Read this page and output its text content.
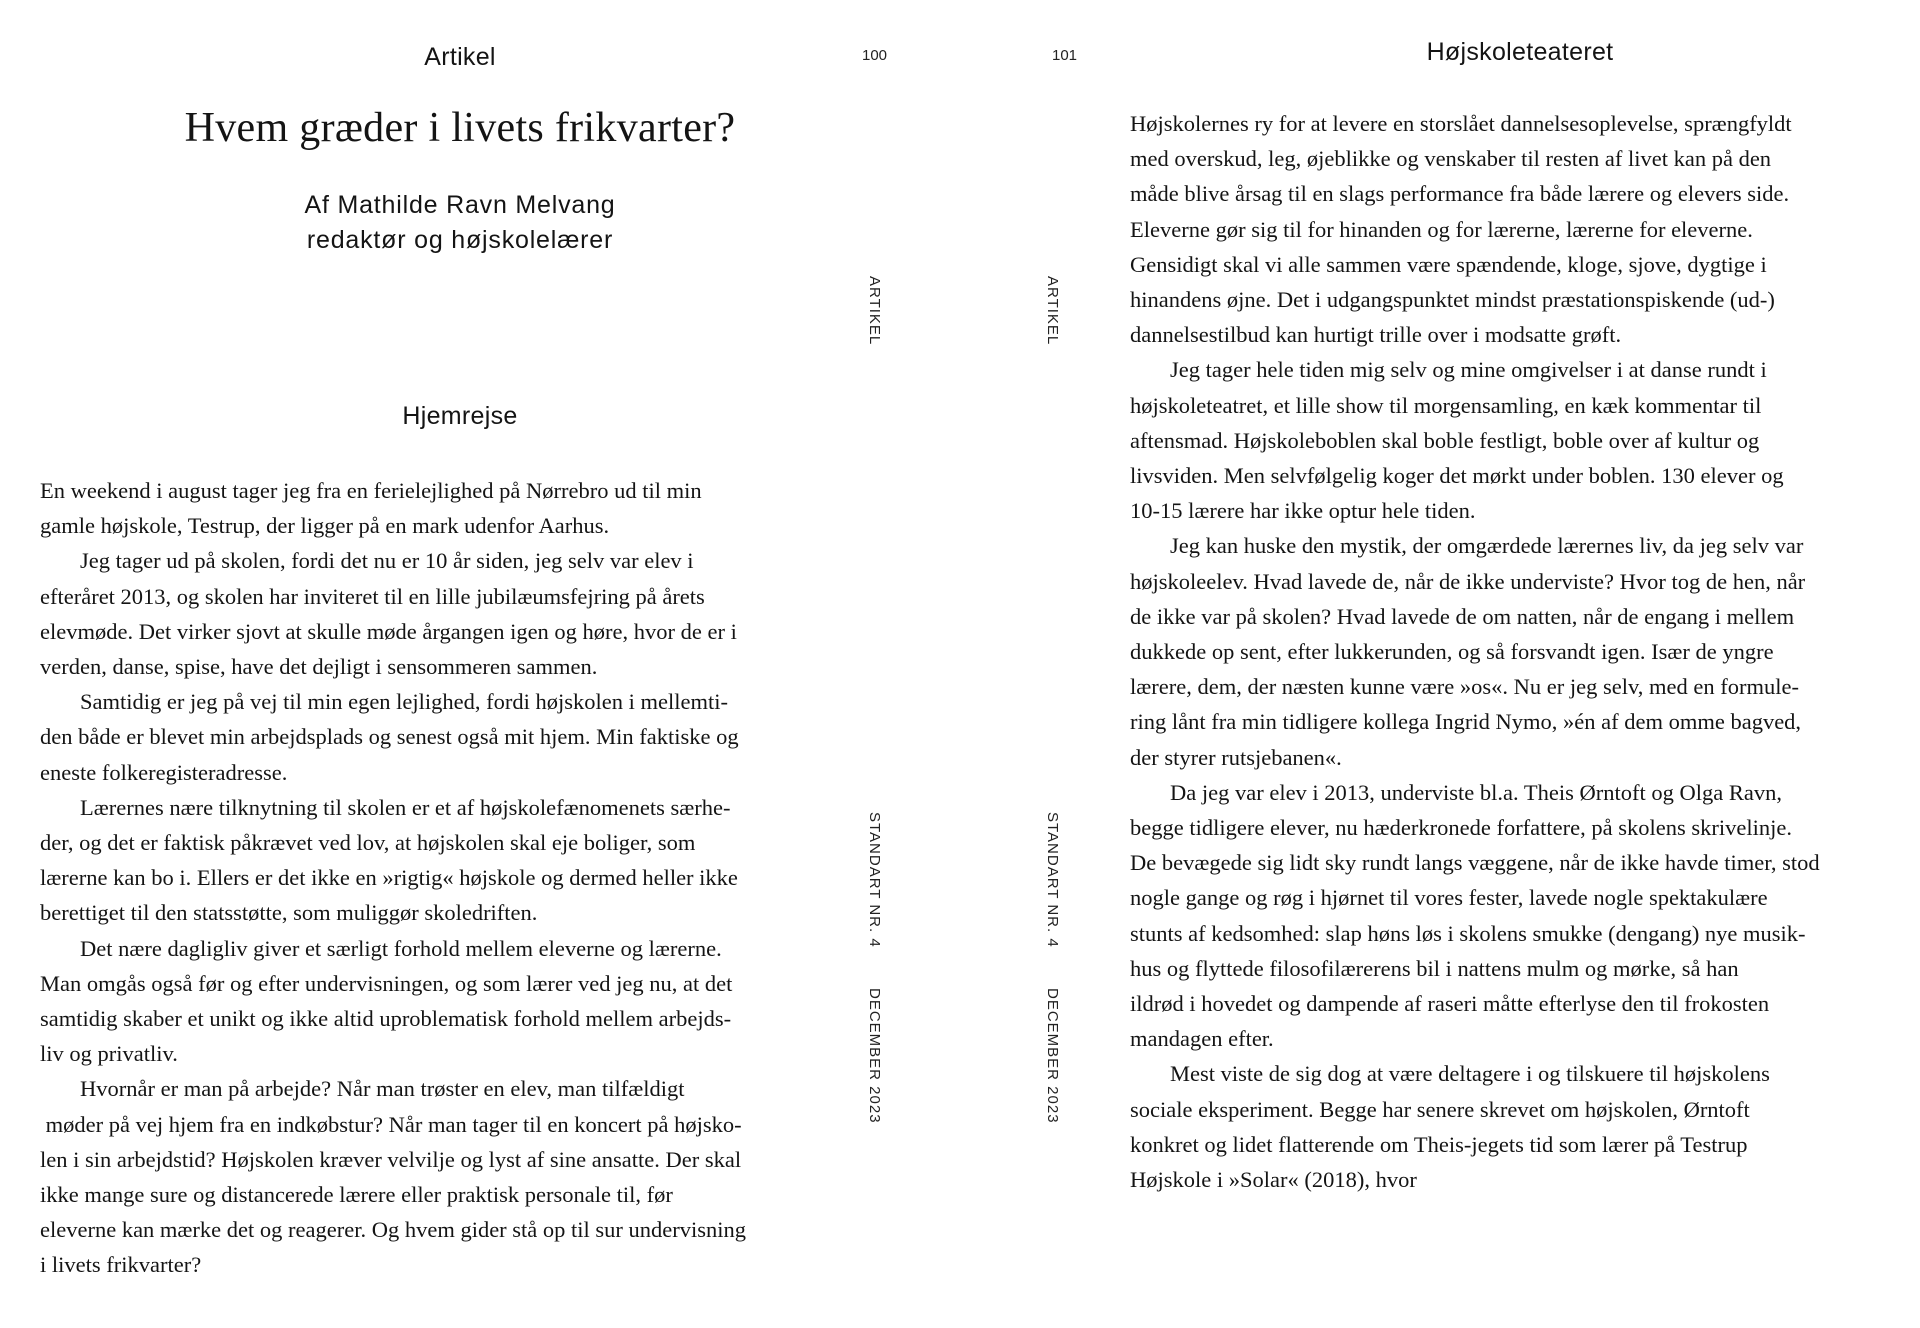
Artikel	100
Hvem græder i livets frikvarter?
Af Mathilde Ravn Melvang
redaktør og højskolelærer
Hjemrejse
En weekend i august tager jeg fra en ferielejlighed på Nørrebro ud til min
gamle højskole, Testrup, der ligger på en mark udenfor Aarhus.
Jeg tager ud på skolen, fordi det nu er 10 år siden, jeg selv var elev i
efteråret 2013, og skolen har inviteret til en lille jubilæumsfejring på årets
elevmøde. Det virker sjovt at skulle møde årgangen igen og høre, hvor de er i
verden, danse, spise, have det dejligt i sensommeren sammen.
Samtidig er jeg på vej til min egen lejlighed, fordi højskolen i mellemti-
den både er blevet min arbejdsplads og senest også mit hjem. Min faktiske og
eneste folkeregisteradresse.
Lærernes nære tilknytning til skolen er et af højskolefænomenets særhe-
der, og det er faktisk påkrævet ved lov, at højskolen skal eje boliger, som
lærerne kan bo i. Ellers er det ikke en »rigtig« højskole og dermed heller ikke
berettiget til den statsstøtte, som muliggør skoledriften.
Det nære dagligliv giver et særligt forhold mellem eleverne og lærerne.
Man omgås også før og efter undervisningen, og som lærer ved jeg nu, at det
samtidig skaber et unikt og ikke altid uproblematisk forhold mellem arbejds-
liv og privatliv.
Hvornår er man på arbejde? Når man trøster en elev, man tilfældigt
møder på vej hjem fra en indkøbstur? Når man tager til en koncert på højsko-
len i sin arbejdstid? Højskolen kræver velvilje og lyst af sine ansatte. Der skal
ikke mange sure og distancerede lærere eller praktisk personale til, før
eleverne kan mærke det og reagerer. Og hvem gider stå op til sur undervisning
i livets frikvarter?
ARTIKEL
STANDART NR. 4
DECEMBER 2023
101	Højskoleteateret
ARTIKEL
STANDART NR. 4
DECEMBER 2023
Højskolernes ry for at levere en storslået dannelsesoplevelse, sprængfyldt
med overskud, leg, øjeblikke og venskaber til resten af livet kan på den
måde blive årsag til en slags performance fra både lærere og elevers side.
Eleverne gør sig til for hinanden og for lærerne, lærerne for eleverne.
Gensidigt skal vi alle sammen være spændende, kloge, sjove, dygtige i
hinandens øjne. Det i udgangspunktet mindst præstationspiskende (ud-)
dannelsestilbud kan hurtigt trille over i modsatte grøft.
Jeg tager hele tiden mig selv og mine omgivelser i at danse rundt i
højskoleteatret, et lille show til morgensamling, en kæk kommentar til
aftensmad. Højskoleboblen skal boble festligt, boble over af kultur og
livsviden. Men selvfølgelig koger det mørkt under boblen. 130 elever og
10-15 lærere har ikke optur hele tiden.
Jeg kan huske den mystik, der omgærdede lærernes liv, da jeg selv var
højskoleelev. Hvad lavede de, når de ikke underviste? Hvor tog de hen, når
de ikke var på skolen? Hvad lavede de om natten, når de engang i mellem
dukkede op sent, efter lukkerunden, og så forsvandt igen. Især de yngre
lærere, dem, der næsten kunne være »os«. Nu er jeg selv, med en formule-
ring lånt fra min tidligere kollega Ingrid Nymo, »én af dem omme bagved,
der styrer rutsjebanen«.
Da jeg var elev i 2013, underviste bl.a. Theis Ørntoft og Olga Ravn,
begge tidligere elever, nu hæderkronede forfattere, på skolens skrivelinje.
De bevægede sig lidt sky rundt langs væggene, når de ikke havde timer, stod
nogle gange og røg i hjørnet til vores fester, lavede nogle spektakulære
stunts af kedsomhed: slap høns løs i skolens smukke (dengang) nye musik-
hus og flyttede filosofilærerens bil i nattens mulm og mørke, så han
ildrød i hovedet og dampende af raseri måtte efterlyse den til frokosten
mandagen efter.
Mest viste de sig dog at være deltagere i og tilskuere til højskolens
sociale eksperiment. Begge har senere skrevet om højskolen, Ørntoft
konkret og lidet flatterende om Theis-jegets tid som lærer på Testrup
Højskole i »Solar« (2018), hvor
